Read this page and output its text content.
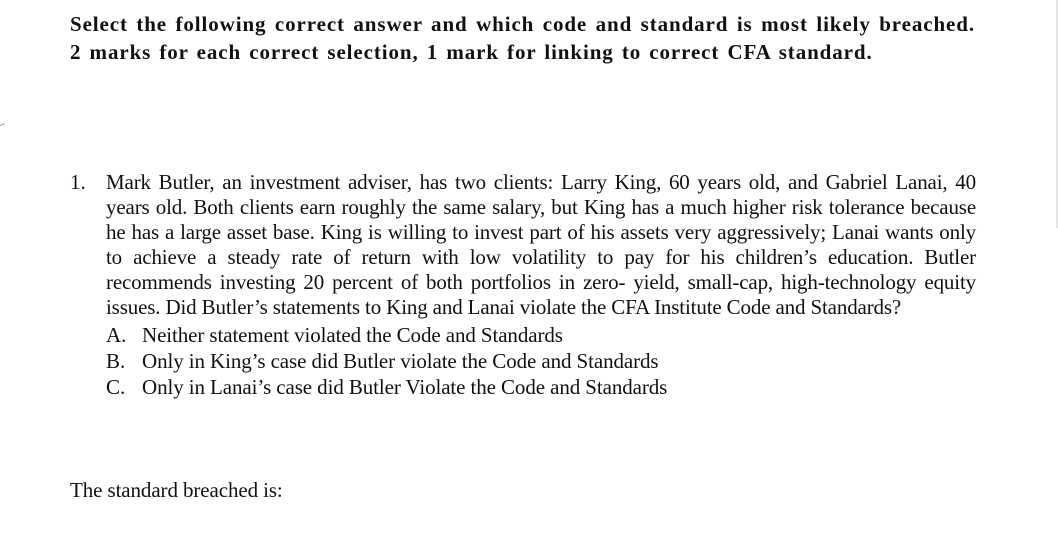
Select the following correct answer and which code and standard is most likely breached. 2 marks for each correct selection, 1 mark for linking to correct CFA standard.
1. Mark Butler, an investment adviser, has two clients: Larry King, 60 years old, and Gabriel Lanai, 40 years old. Both clients earn roughly the same salary, but King has a much higher risk tolerance because he has a large asset base. King is willing to invest part of his assets very aggressively; Lanai wants only to achieve a steady rate of return with low volatility to pay for his children’s education. Butler recommends investing 20 percent of both portfolios in zero- yield, small-cap, high-technology equity issues. Did Butler’s statements to King and Lanai violate the CFA Institute Code and Standards?
A. Neither statement violated the Code and Standards
B. Only in King’s case did Butler violate the Code and Standards
C. Only in Lanai’s case did Butler Violate the Code and Standards
The standard breached is:
